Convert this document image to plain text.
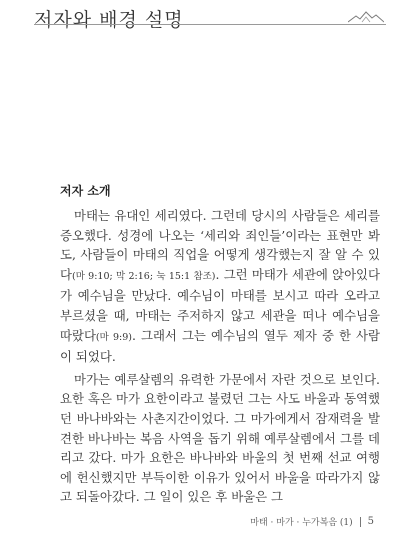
저자와 배경 설명
저자 소개

마태는 유대인 세리였다. 그런데 당시의 사람들은 세리를 증오했다. 성경에 나오는 ‘세리와 죄인들’이라는 표현만 봐도, 사람들이 마태의 직업을 어떻게 생각했는지 잘 알 수 있다(마 9:10; 막 2:16; 눅 15:1 참조). 그런 마태가 세관에 앉아있다가 예수님을 만났다. 예수님이 마태를 보시고 따라 오라고 부르셨을 때, 마태는 주저하지 않고 세관을 떠나 예수님을 따랐다(마 9:9). 그래서 그는 예수님의 열두 제자 중 한 사람이 되었다.

마가는 예루살렘의 유력한 가문에서 자란 것으로 보인다. 요한 혹은 마가 요한이라고 불렸던 그는 사도 바울과 동역했던 바나바와는 사촌지간이었다. 그 마가에게서 잠재력을 발견한 바나바는 복음 사역을 돕기 위해 예루살렘에서 그를 데리고 갔다. 마가 요한은 바나바와 바울의 첫 번째 선교 여행에 헌신했지만 부득이한 이유가 있어서 바울을 따라가지 않고 되돌아갔다. 그 일이 있은 후 바울은 그

마태 · 마가 · 누가복음 (1) 5
